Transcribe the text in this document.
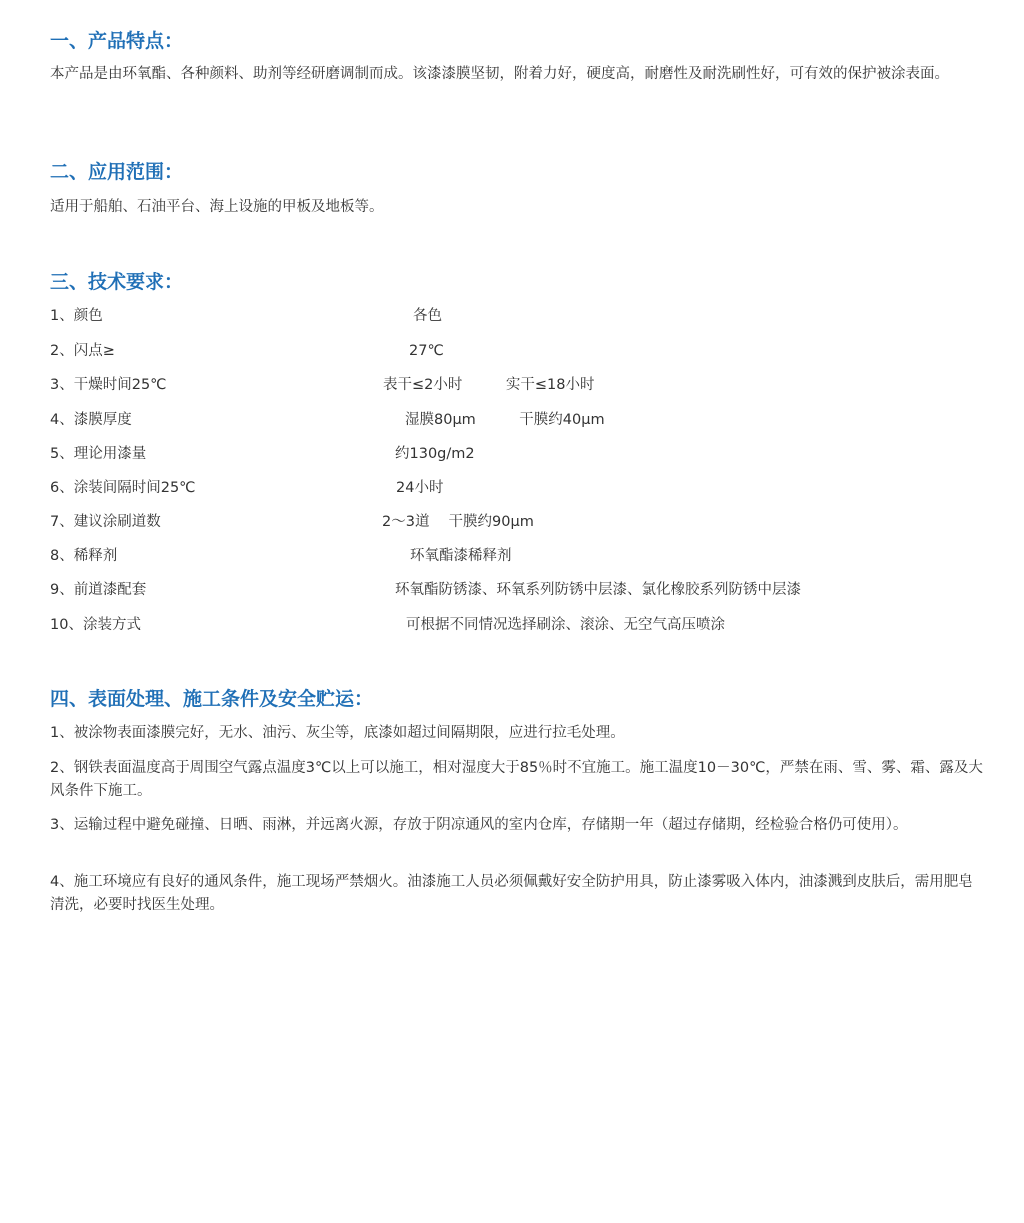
一、产品特点：

本产品是由环氧酯、各种颜料、助剂等经研磨调制而成。该漆漆膜坚韧，附着力好，硬度高，耐磨性及耐洗刷性好，可有效的保护被涂表面。

二、应用范围：

适用于船舶、石油平台、海上设施的甲板及地板等。

三、技术要求：
1、颜色	各色
2、闪点≥	27℃
3、干燥时间25℃	表干≤2小时　　　实干≤18小时
4、漆膜厚度	湿膜80μm　　　干膜约40μm
5、理论用漆量	约130g/m2
6、涂装间隔时间25℃	24小时
7、建议涂刷道数	2～3道　 干膜约90μm
8、稀释剂	环氧酯漆稀释剂
9、前道漆配套	环氧酯防锈漆、环氧系列防锈中层漆、氯化橡胶系列防锈中层漆
10、涂装方式	可根据不同情况选择刷涂、滚涂、无空气高压喷涂
四、表面处理、施工条件及安全贮运：

1、被涂物表面漆膜完好，无水、油污、灰尘等，底漆如超过间隔期限，应进行拉毛处理。

2、钢铁表面温度高于周围空气露点温度3℃以上可以施工，相对湿度大于85％时不宜施工。施工温度10－30℃，严禁在雨、雪、雾、霜、露及大风条件下施工。

3、运输过程中避免碰撞、日晒、雨淋，并远离火源，存放于阴凉通风的室内仓库，存储期一年（超过存储期，经检验合格仍可使用）。

4、施工环境应有良好的通风条件，施工现场严禁烟火。油漆施工人员必须佩戴好安全防护用具，防止漆雾吸入体内，油漆溅到皮肤后，需用肥皂清洗，必要时找医生处理。
